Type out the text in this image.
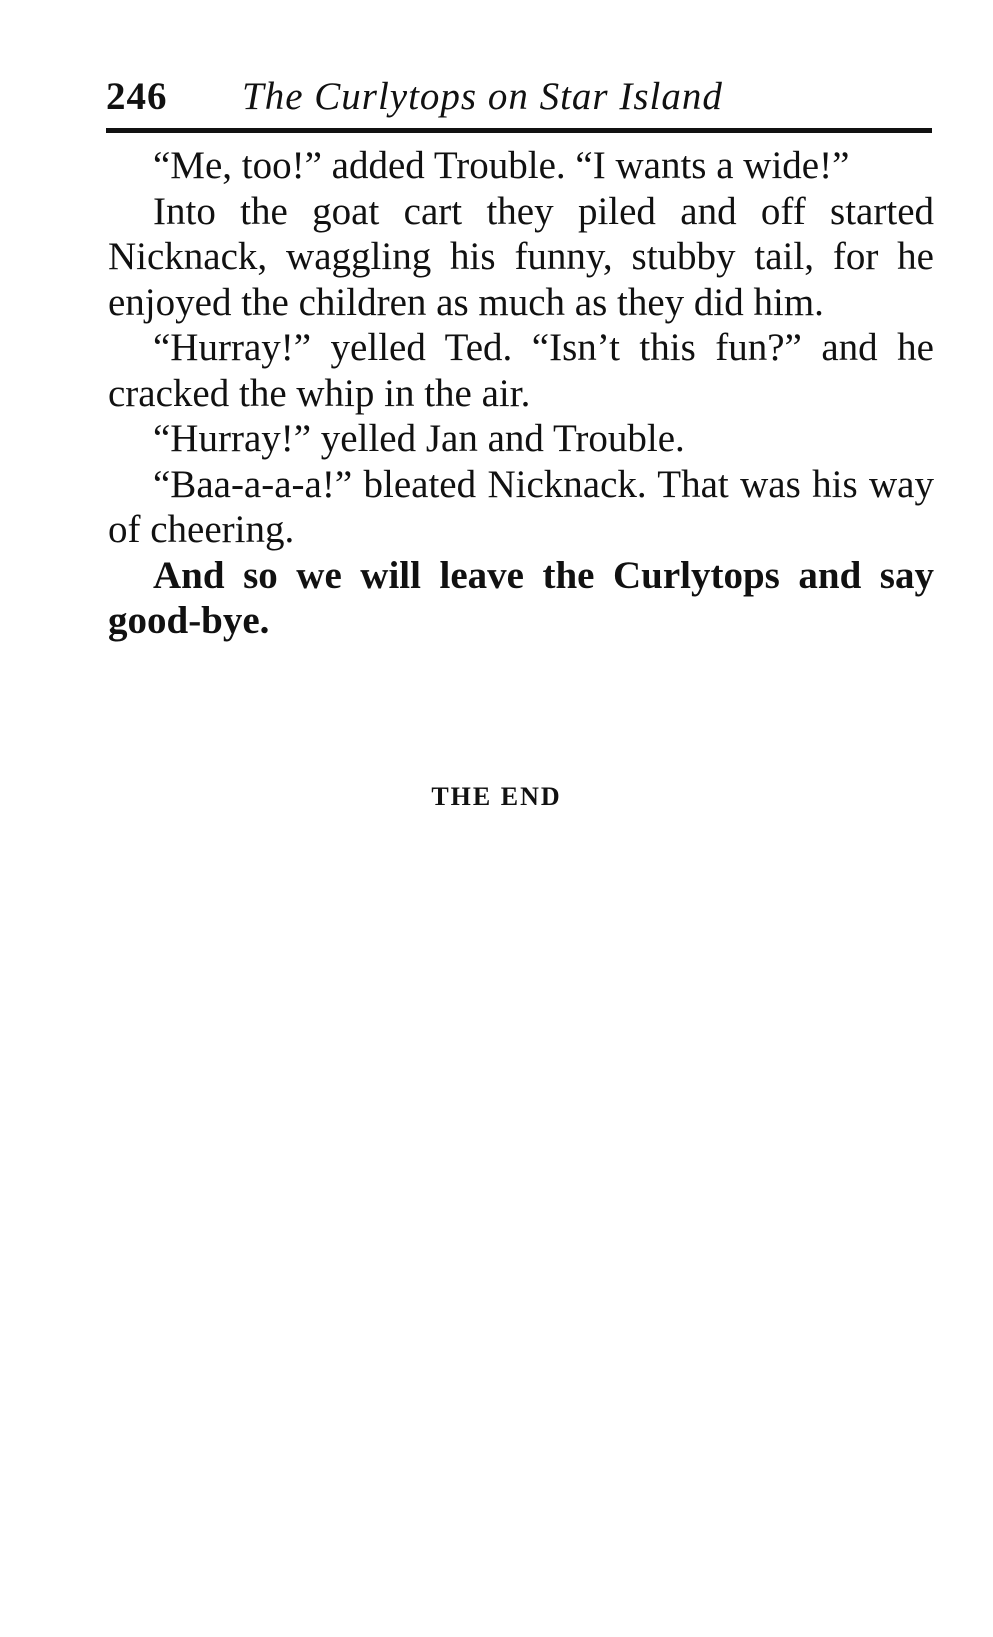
246 The Curlytops on Star Island

“Me, too!” added Trouble. “I wants a wide!”

Into the goat cart they piled and off started Nicknack, waggling his funny, stubby tail, for he enjoyed the children as much as they did him.

“Hurray!” yelled Ted. “Isn’t this fun?” and he cracked the whip in the air.

“Hurray!” yelled Jan and Trouble.

“Baa-a-a-a!” bleated Nicknack. That was his way of cheering.

And so we will leave the Curlytops and say good-bye.

THE END
